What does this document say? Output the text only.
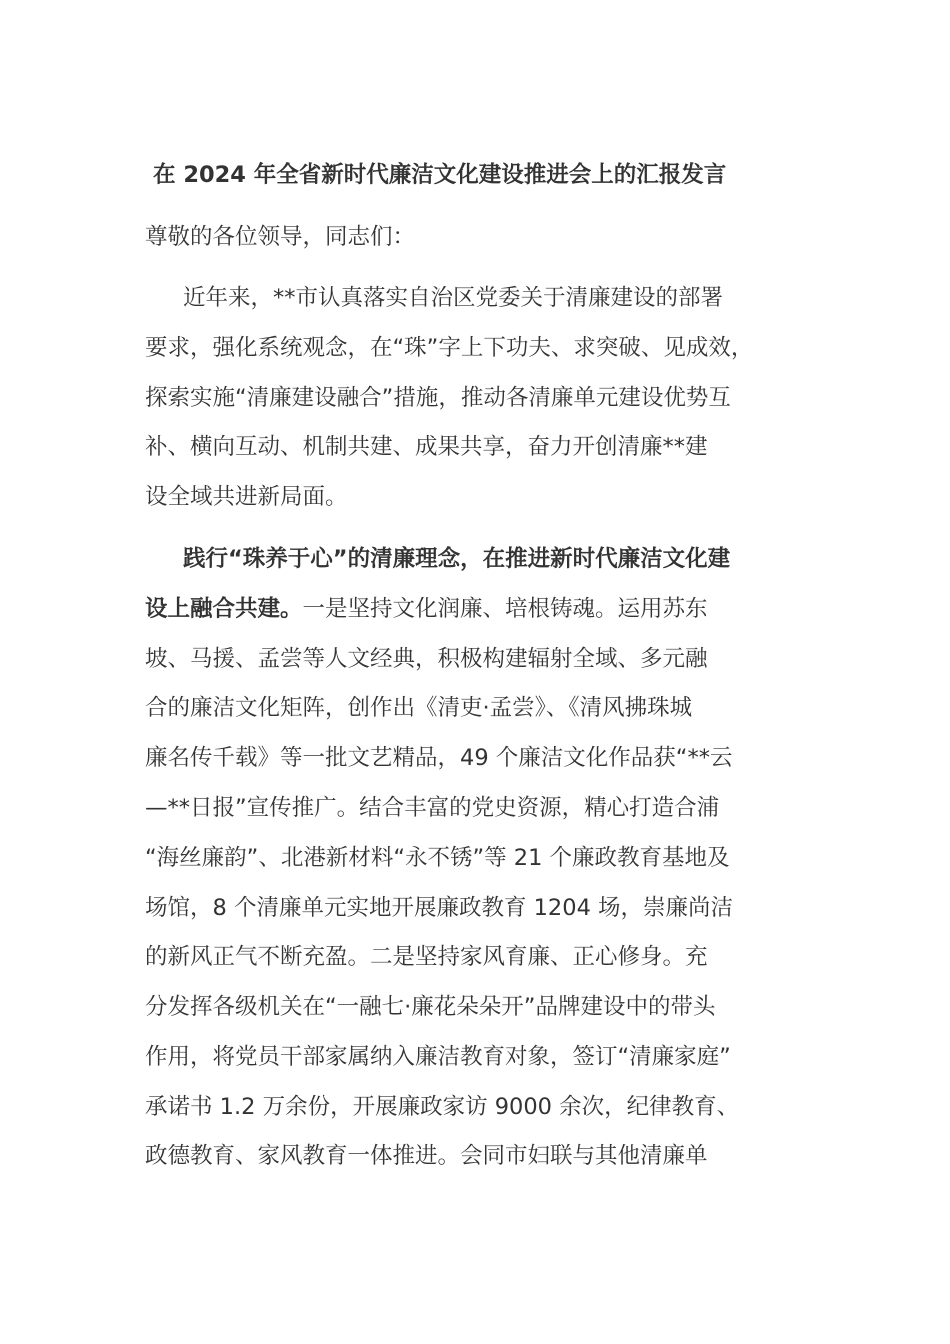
在 2024 年全省新时代廉洁文化建设推进会上的汇报发言
尊敬的各位领导，同志们：
近年来，**市认真落实自治区党委关于清廉建设的部署
要求，强化系统观念，在“珠”字上下功夫、求突破、见成效，
探索实施“清廉建设融合”措施，推动各清廉单元建设优势互
补、横向互动、机制共建、成果共享，奋力开创清廉**建
设全域共进新局面。
践行“珠养于心”的清廉理念，在推进新时代廉洁文化建
设上融合共建。一是坚持文化润廉、培根铸魂。运用苏东
坡、马援、孟尝等人文经典，积极构建辐射全域、多元融
合的廉洁文化矩阵，创作出《清吏·孟尝》、《清风拂珠城
廉名传千载》等一批文艺精品，49 个廉洁文化作品获“**云
—**日报”宣传推广。结合丰富的党史资源，精心打造合浦
“海丝廉韵”、北港新材料“永不锈”等 21 个廉政教育基地及
场馆，8 个清廉单元实地开展廉政教育 1204 场，崇廉尚洁
的新风正气不断充盈。二是坚持家风育廉、正心修身。充
分发挥各级机关在“一融七·廉花朵朵开”品牌建设中的带头
作用，将党员干部家属纳入廉洁教育对象，签订“清廉家庭”
承诺书 1.2 万余份，开展廉政家访 9000 余次，纪律教育、
政德教育、家风教育一体推进。会同市妇联与其他清廉单
